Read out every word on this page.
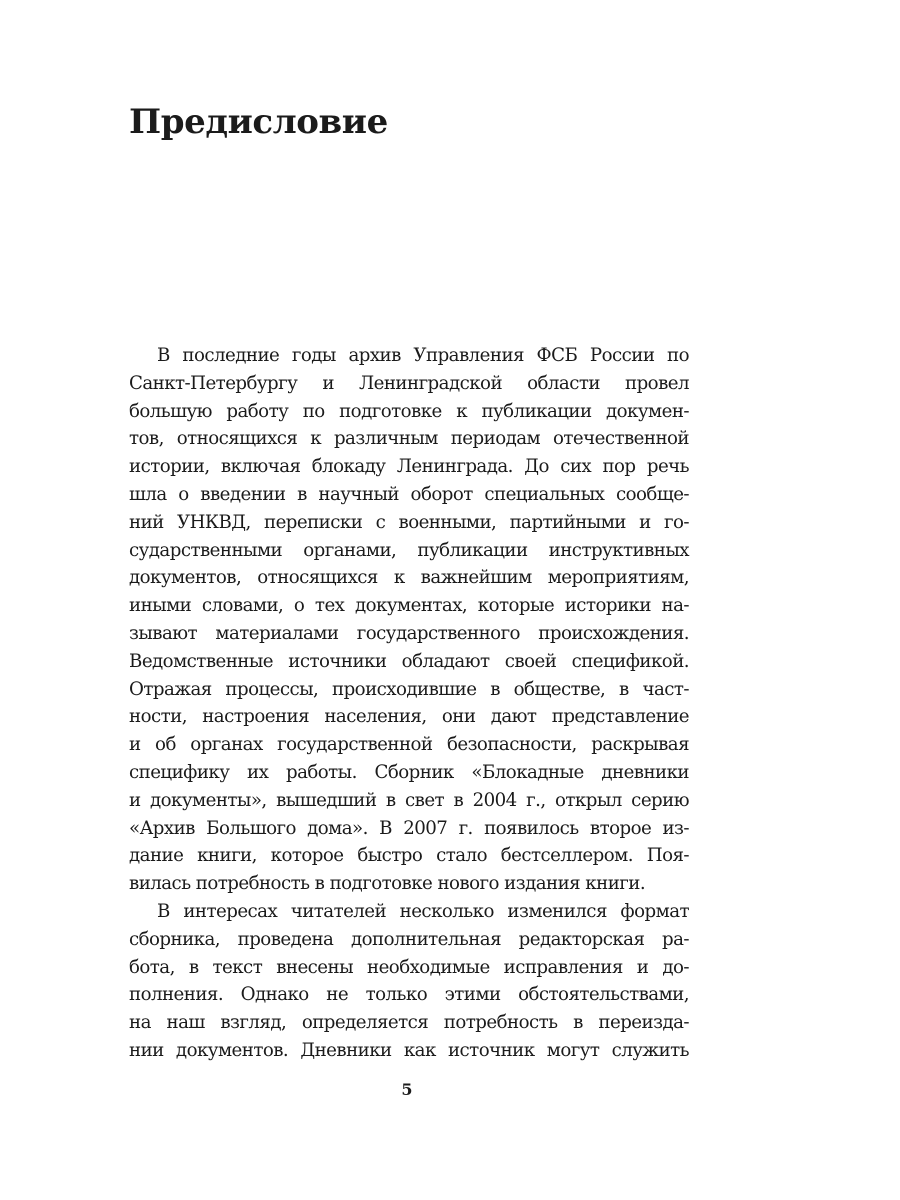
Предисловие

В последние годы архив Управления ФСБ России по
Санкт-Петербургу и Ленинградской области провел
большую работу по подготовке к публикации докумен-
тов, относящихся к различным периодам отечественной
истории, включая блокаду Ленинграда. До сих пор речь
шла о введении в научный оборот специальных сообще-
ний УНКВД, переписки с военными, партийными и го-
сударственными органами, публикации инструктивных
документов, относящихся к важнейшим мероприятиям,
иными словами, о тех документах, которые историки на-
зывают материалами государственного происхождения.
Ведомственные источники обладают своей спецификой.
Отражая процессы, происходившие в обществе, в част-
ности, настроения населения, они дают представление
и об органах государственной безопасности, раскрывая
специфику их работы. Сборник «Блокадные дневники
и документы», вышедший в свет в 2004 г., открыл серию
«Архив Большого дома». В 2007 г. появилось второе из-
дание книги, которое быстро стало бестселлером. Поя-
вилась потребность в подготовке нового издания книги.

В интересах читателей несколько изменился формат
сборника, проведена дополнительная редакторская ра-
бота, в текст внесены необходимые исправления и до-
полнения. Однако не только этими обстоятельствами,
на наш взгляд, определяется потребность в переизда-
нии документов. Дневники как источник могут служить

5
